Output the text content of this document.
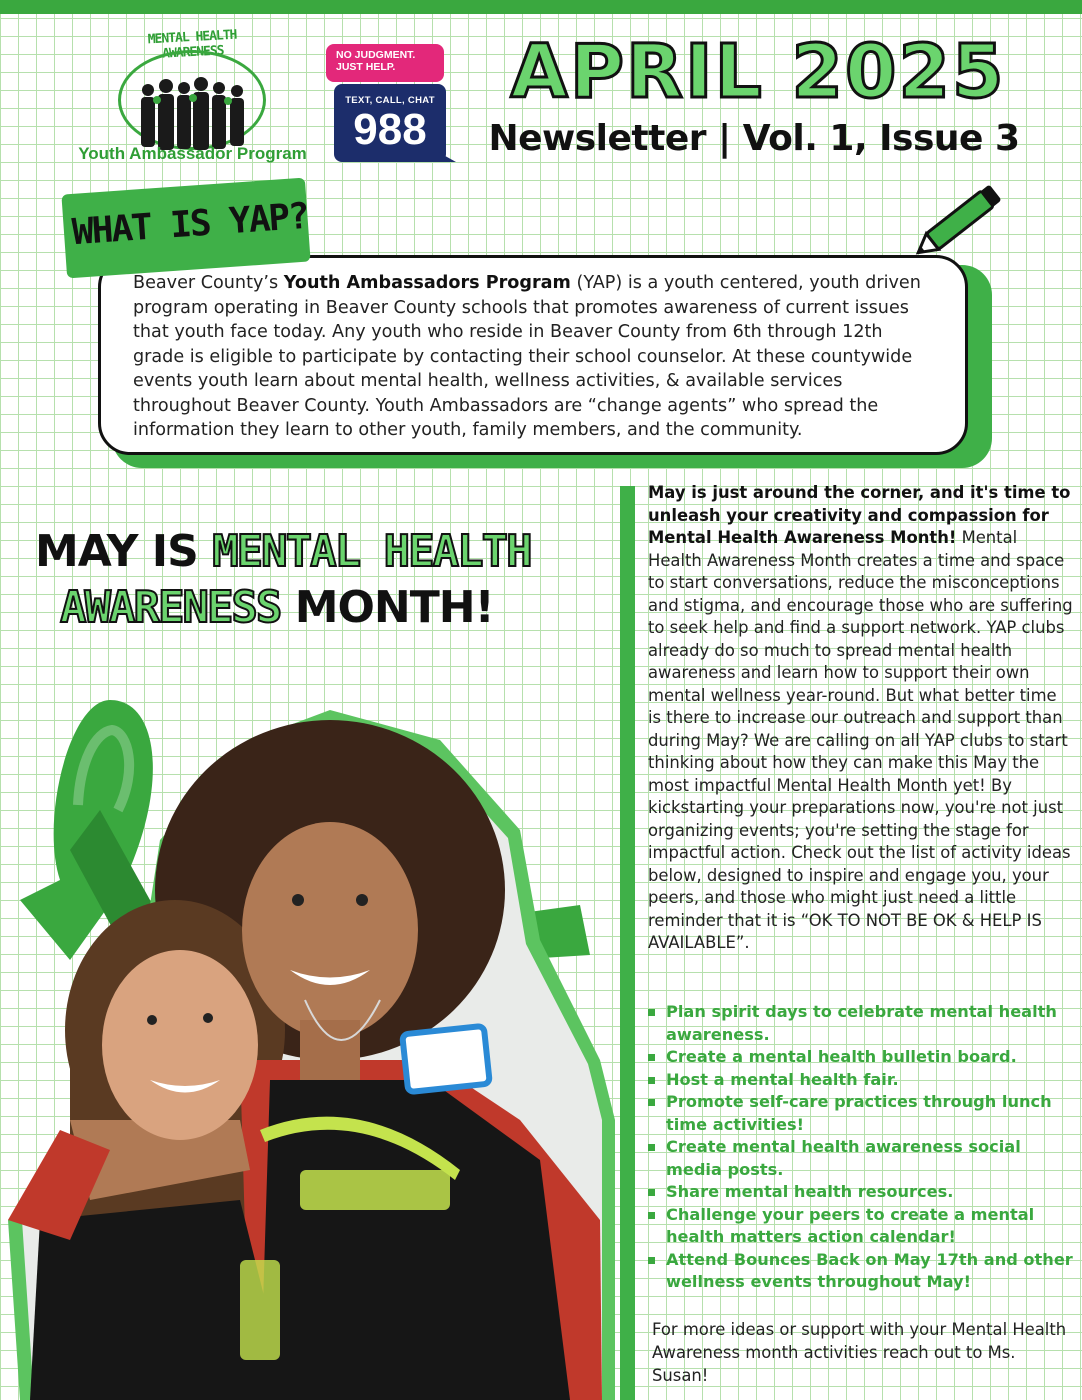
MENTAL HEALTH AWARENESS
Youth Ambassador Program
NO JUDGMENT.
JUST HELP.
TEXT, CALL, CHAT
988
APRIL 2025
Newsletter | Vol. 1, Issue 3
Beaver County’s Youth Ambassadors Program (YAP) is a youth centered, youth driven program operating in Beaver County schools that promotes awareness of current issues that youth face today. Any youth who reside in Beaver County from 6th through 12th grade is eligible to participate by contacting their school counselor. At these countywide events youth learn about mental health, wellness activities, & available services throughout Beaver County. Youth Ambassadors are “change agents” who spread the information they learn to other youth, family members, and the community.
WHAT IS YAP?
MAY IS MENTAL HEALTH
AWARENESS MONTH!
May is just around the corner, and it's time to unleash your creativity and compassion for Mental Health Awareness Month! Mental Health Awareness Month creates a time and space to start conversations, reduce the misconceptions and stigma, and encourage those who are suffering to seek help and find a support network. YAP clubs already do so much to spread mental health awareness and learn how to support their own mental wellness year-round. But what better time is there to increase our outreach and support than during May? We are calling on all YAP clubs to start thinking about how they can make this May the most impactful Mental Health Month yet! By kickstarting your preparations now, you're not just organizing events; you're setting the stage for impactful action. Check out the list of activity ideas below, designed to inspire and engage you, your peers, and those who might just need a little reminder that it is “OK TO NOT BE OK & HELP IS AVAILABLE”.
Plan spirit days to celebrate mental health awareness.
Create a mental health bulletin board.
Host a mental health fair.
Promote self-care practices through lunch time activities!
Create mental health awareness social media posts.
Share mental health resources.
Challenge your peers to create a mental health matters action calendar!
Attend Bounces Back on May 17th and other wellness events throughout May!
For more ideas or support with your Mental Health Awareness month activities reach out to Ms. Susan!
